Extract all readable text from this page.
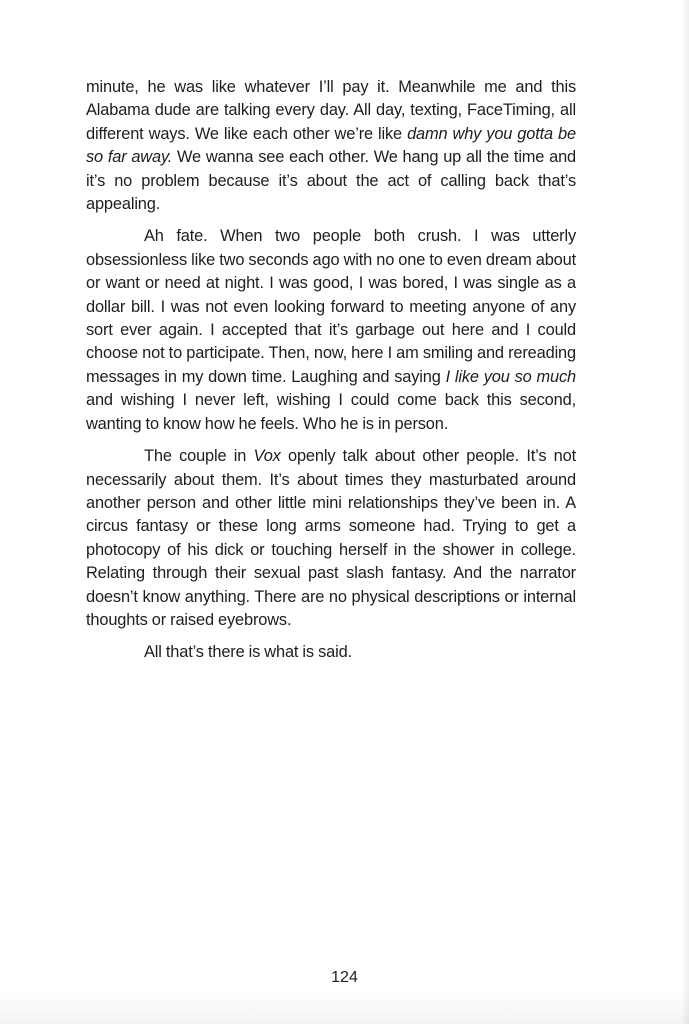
minute, he was like whatever I’ll pay it. Meanwhile me and this Alabama dude are talking every day. All day, texting, FaceTiming, all different ways. We like each other we’re like damn why you gotta be so far away. We wanna see each other. We hang up all the time and it’s no problem because it’s about the act of calling back that’s appealing.

Ah fate. When two people both crush. I was utterly obsessionless like two seconds ago with no one to even dream about or want or need at night. I was good, I was bored, I was single as a dollar bill. I was not even looking forward to meeting anyone of any sort ever again. I accepted that it’s garbage out here and I could choose not to participate. Then, now, here I am smiling and rereading messages in my down time. Laughing and saying I like you so much and wishing I never left, wishing I could come back this second, wanting to know how he feels. Who he is in person.

The couple in Vox openly talk about other people. It’s not necessarily about them. It’s about times they masturbated around another person and other little mini relationships they’ve been in. A circus fantasy or these long arms someone had. Trying to get a photocopy of his dick or touching herself in the shower in college. Relating through their sexual past slash fantasy. And the narrator doesn’t know anything. There are no physical descriptions or internal thoughts or raised eyebrows.

All that’s there is what is said.

124
